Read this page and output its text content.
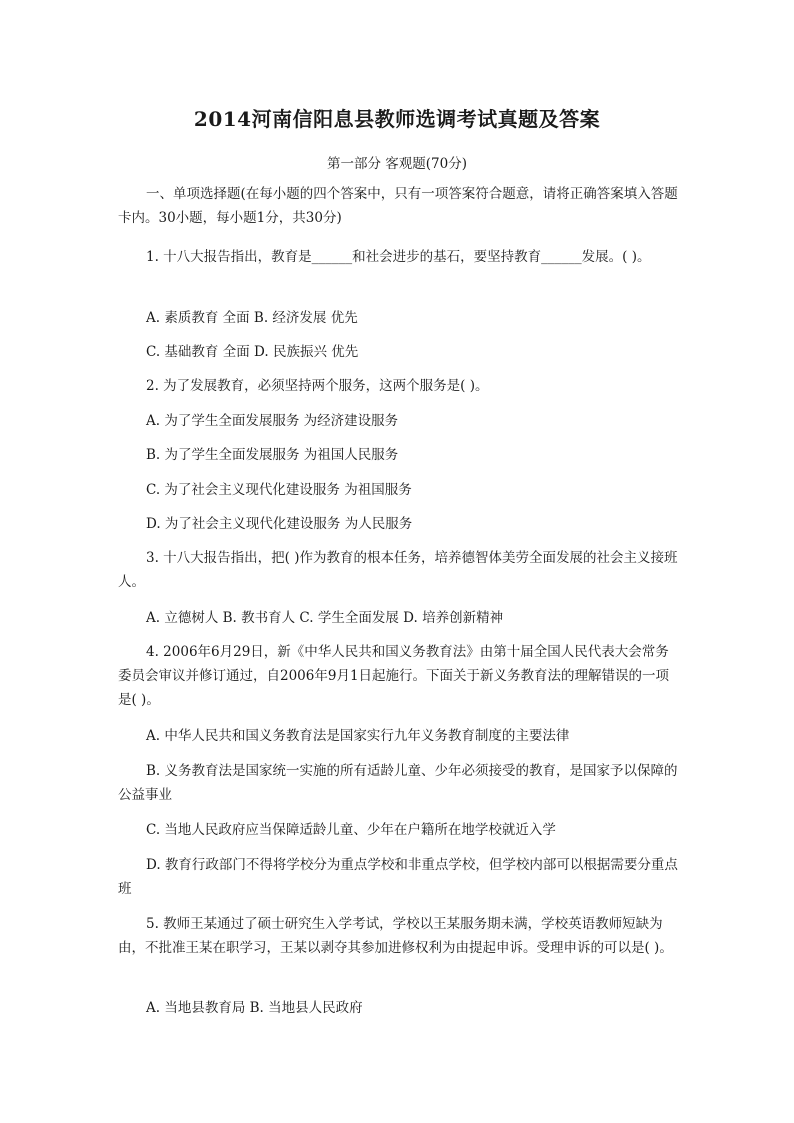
2014河南信阳息县教师选调考试真题及答案
第一部分 客观题(70分)
一、单项选择题(在每小题的四个答案中，只有一项答案符合题意，请将正确答案填入答题卡内。30小题，每小题1分，共30分)
1. 十八大报告指出，教育是______和社会进步的基石，要坚持教育______发展。( )。
A. 素质教育 全面 B. 经济发展 优先
C. 基础教育 全面 D. 民族振兴 优先
2. 为了发展教育，必须坚持两个服务，这两个服务是( )。
A. 为了学生全面发展服务 为经济建设服务
B. 为了学生全面发展服务 为祖国人民服务
C. 为了社会主义现代化建设服务 为祖国服务
D. 为了社会主义现代化建设服务 为人民服务
3. 十八大报告指出，把( )作为教育的根本任务，培养德智体美劳全面发展的社会主义接班人。
A. 立德树人 B. 教书育人 C. 学生全面发展 D. 培养创新精神
4. 2006年6月29日，新《中华人民共和国义务教育法》由第十届全国人民代表大会常务委员会审议并修订通过，自2006年9月1日起施行。下面关于新义务教育法的理解错误的一项是( )。
A. 中华人民共和国义务教育法是国家实行九年义务教育制度的主要法律
B. 义务教育法是国家统一实施的所有适龄儿童、少年必须接受的教育，是国家予以保障的公益事业
C. 当地人民政府应当保障适龄儿童、少年在户籍所在地学校就近入学
D. 教育行政部门不得将学校分为重点学校和非重点学校，但学校内部可以根据需要分重点班
5. 教师王某通过了硕士研究生入学考试，学校以王某服务期未满，学校英语教师短缺为由，不批准王某在职学习，王某以剥夺其参加进修权利为由提起申诉。受理申诉的可以是( )。
A. 当地县教育局 B. 当地县人民政府
